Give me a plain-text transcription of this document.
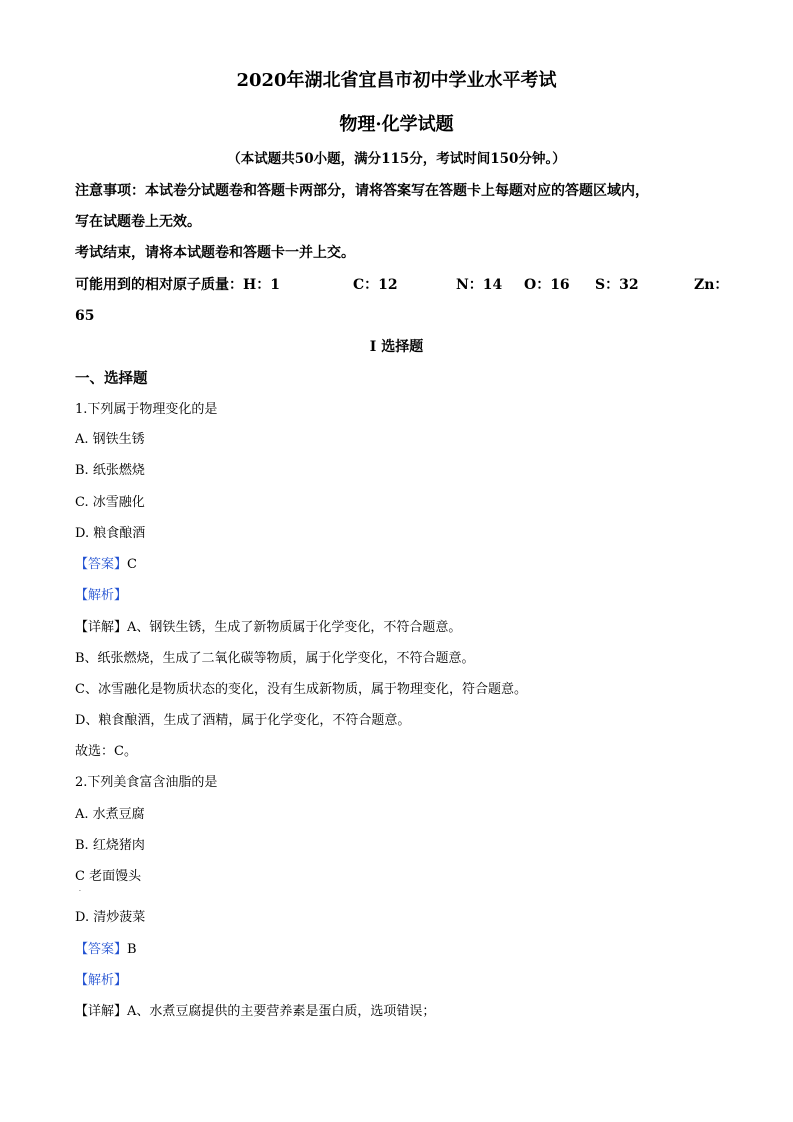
2020年湖北省宜昌市初中学业水平考试
物理·化学试题
（本试题共50小题，满分115分，考试时间150分钟。）
注意事项：本试卷分试题卷和答题卡两部分，请将答案写在答题卡上每题对应的答题区域内，
写在试题卷上无效。
考试结束，请将本试题卷和答题卡一并上交。
可能用到的相对原子质量：H：1	C：12	N：14 O：16 S：32	Zn：
65
I 选择题
一、选择题
1.下列属于物理变化的是
A. 钢铁生锈
B. 纸张燃烧
C. 冰雪融化
D. 粮食酿酒
【答案】C
【解析】
【详解】A、钢铁生锈，生成了新物质属于化学变化，不符合题意。
B、纸张燃烧，生成了二氧化碳等物质，属于化学变化，不符合题意。
C、冰雪融化是物质状态的变化，没有生成新物质，属于物理变化，符合题意。
D、粮食酿酒，生成了酒精，属于化学变化，不符合题意。
故选：C。
2.下列美食富含油脂的是
A. 水煮豆腐
B. 红烧猪肉
C 老面馒头
.
D. 清炒菠菜
【答案】B
【解析】
【详解】A、水煮豆腐提供的主要营养素是蛋白质，选项错误；
